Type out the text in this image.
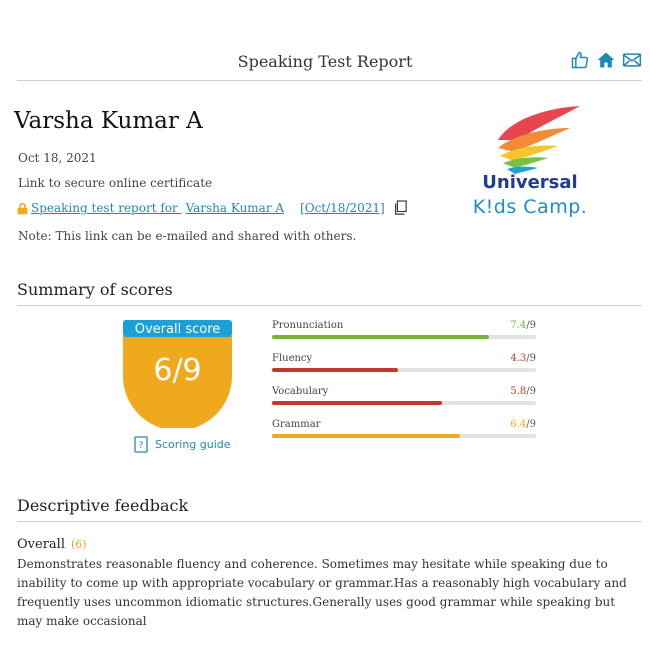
Speaking Test Report
Varsha Kumar A
Oct 18, 2021
Link to secure online certificate
Speaking test report for Varsha Kumar A [Oct/18/2021]
Note: This link can be e-mailed and shared with others.
Universal
K!ds Camp.
Summary of scores
Overall score
6/9
? Scoring guide
Pronunciation	7.4/9
Fluency	4.3/9
Vocabulary	5.8/9
Grammar	6.4/9
Descriptive feedback
Overall (6)
Demonstrates reasonable fluency and coherence. Sometimes may hesitate while speaking due to inability to come up with appropriate vocabulary or grammar.Has a reasonably high vocabulary and frequently uses uncommon idiomatic structures.Generally uses good grammar while speaking but may make occasional
